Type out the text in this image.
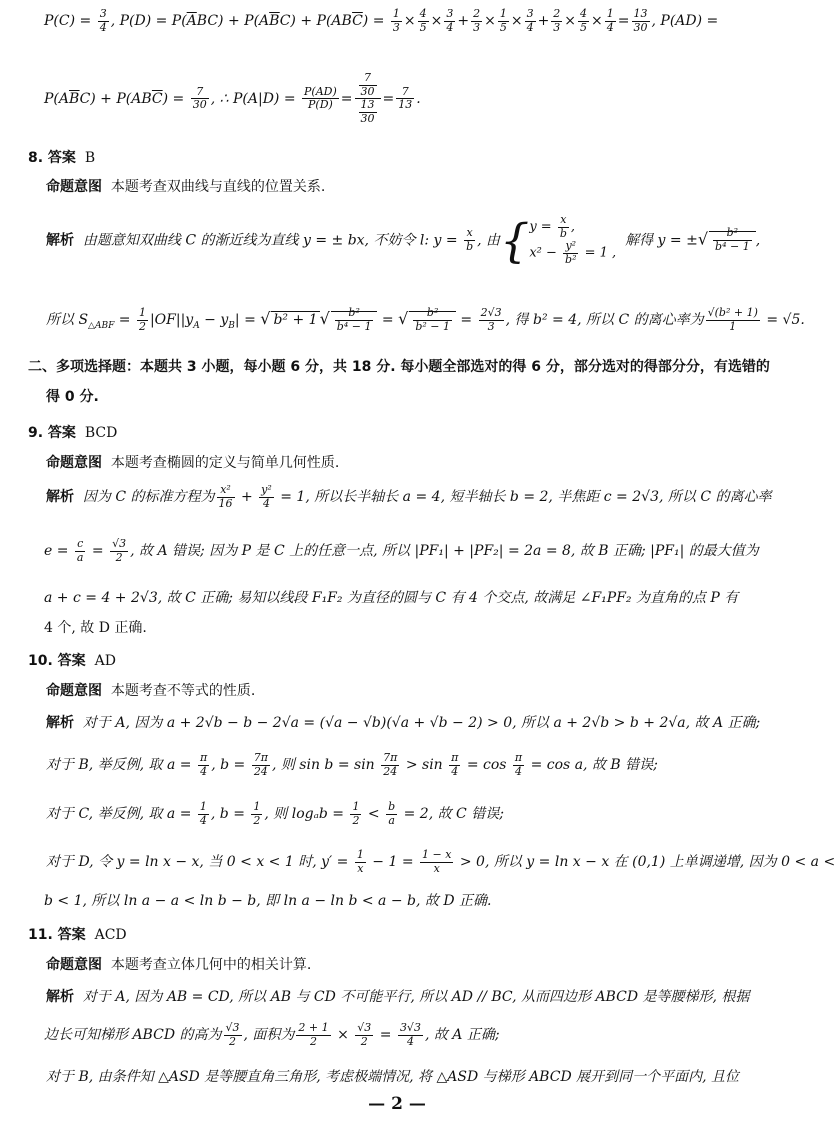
$P(C) = \frac{3}{4}$ , $P(D) = P(\overline{A}BC) + P(A\overline{B}C) + P(AB\overline{C}) = \frac{1}{3} \times \frac{4}{5} \times \frac{3}{4} + \frac{2}{3} \times \frac{1}{5} \times \frac{3}{4} + \frac{2}{3} \times \frac{4}{5} \times \frac{1}{4} = \frac{13}{30}$ , P(AD) =
$P(A\overline{B}C) + P(AB\overline{C}) = \frac{7}{30}$ , ∴ $P(A|D) = \frac{P(AD)}{P(D)} = \frac{\frac{7}{30}}{\frac{13}{30}} = \frac{7}{13}$ .
8. 答案 B
命题意图 本题考查双曲线与直线的位置关系.
解析 由题意知双曲线 C 的渐近线为直线 y = ± bx, 不妨令 l: $y = \frac{x}{b}$ , 由{ $y = \frac{x}{b}$ ,
$x^2 - \frac{\text{y²}}{\text{b²}} = 1$ ,
解得 y = ±√ $\frac{\text{b²}}{\text{b⁴ − 1}}$ ,
所以 $S_{\triangle ABF} = \frac{1}{2} |OF||y_A - y_B|$ = √ b² + 1 √ $\frac{\text{b²}}{\text{b⁴ − 1}}$ = √ $\frac{\text{b²}}{\text{b² − 1}} = \frac{2√3}{3}$ , 得 b² = 4, 所以 C 的离心率为 $\frac{\text{√(b² + 1)}}{1} = √5$.
二、多项选择题：本题共 3 小题，每小题 6 分，共 18 分. 每小题全部选对的得 6 分，部分选对的得部分分，有选错的
得 0 分.
9. 答案 BCD
命题意图 本题考查椭圆的定义与简单几何性质.
解析 因为 C 的标准方程为 $\frac{\text{x²}}{16} + \frac{\text{y²}}{4} = 1$, 所以长半轴长 a = 4, 短半轴长 b = 2, 半焦距 c = 2√3, 所以 C 的离心率
$e = \frac{c}{a} = \frac{√3}{2}$ , 故 A 错误; 因为 P 是 C 上的任意一点, 所以 |PF₁| + |PF₂| = 2a = 8, 故 B 正确; |PF₁| 的最大值为
a + c = 4 + 2√3, 故 C 正确; 易知以线段 F₁F₂ 为直径的圆与 C 有 4 个交点, 故满足 ∠F₁PF₂ 为直角的点 P 有
4 个, 故 D 正确.
10. 答案 AD
命题意图 本题考查不等式的性质.
解析 对于 A, 因为 a + 2√b − b − 2√a = (√a − √b)(√a + √b − 2) > 0, 所以 a + 2√b > b + 2√a, 故 A 正确;
对于 B, 举反例, 取 $a = \frac{\pi}{4}$ , $b = \frac{7\pi}{24}$ , 则 $\sin b = \sin \frac{7\pi}{24} > \sin \frac{\pi}{4} = \cos \frac{\pi}{4} = \cos a$, 故 B 错误;
对于 C, 举反例, 取 $a = \frac{1}{4}$ , $b = \frac{1}{2}$ , 则 $\log_ab = \frac{1}{2} < \frac{b}{a} = 2$, 故 C 错误;
对于 D, 令 y = ln x − x, 当 0 < x < 1 时, $y' = \frac{1}{x} - 1 = \frac{1 - x}{x} > 0$, 所以 y = ln x − x 在 (0,1) 上单调递增, 因为 0 < a <
b < 1, 所以 ln a − a < ln b − b, 即 ln a − ln b < a − b, 故 D 正确.
11. 答案 ACD
命题意图 本题考查立体几何中的相关计算.
解析 对于 A, 因为 AB = CD, 所以 AB 与 CD 不可能平行, 所以 AD // BC, 从而四边形 ABCD 是等腰梯形, 根据
边长可知梯形 ABCD 的高为 $\frac{√3}{2}$ , 面积为 $\frac{2 + 1}{2} \times \frac{√3}{2} = \frac{3√3}{4}$ , 故 A 正确;
对于 B, 由条件知 △ASD 是等腰直角三角形, 考虑极端情况, 将 △ASD 与梯形 ABCD 展开到同一个平面内, 且位
— 2 —
